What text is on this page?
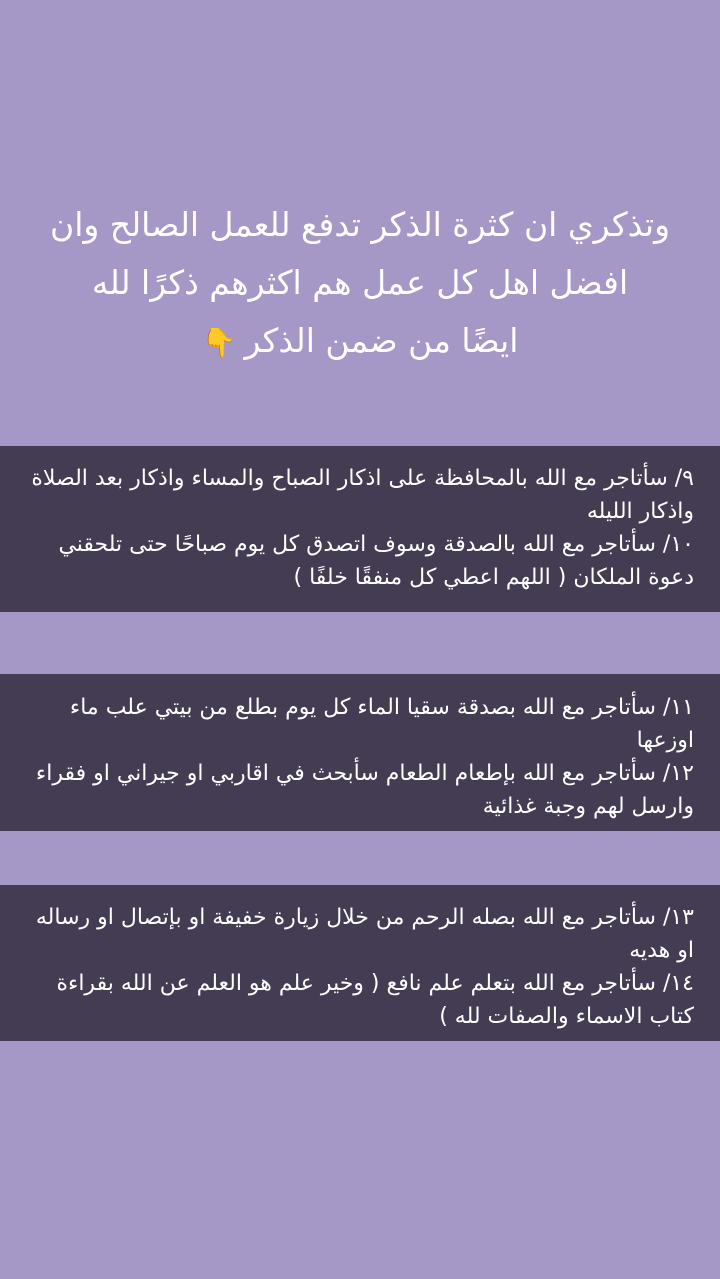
وتذكري ان كثرة الذكر تدفع للعمل الصالح وان
افضل اهل كل عمل هم اكثرهم ذكرًا لله
ايضًا من ضمن الذكر👇
٩/ سأتاجر مع الله بالمحافظة على اذكار الصباح والمساء واذكار بعد الصلاة واذكار الليله
١٠/ سأتاجر مع الله بالصدقة وسوف اتصدق كل يوم صباحًا حتى تلحقني دعوة الملكان ( اللهم اعطي كل منفقًا خلفًا )
١١/ سأتاجر مع الله بصدقة سقيا الماء كل يوم بطلع من بيتي علب ماء اوزعها
١٢/ سأتاجر مع الله بإطعام الطعام سأبحث في اقاربي او جيراني او فقراء وارسل لهم وجبة غذائية
١٣/ سأتاجر مع الله بصله الرحم من خلال زيارة خفيفة او بإتصال او رساله او هديه
١٤/ سأتاجر مع الله بتعلم علم نافع ( وخير علم هو العلم عن الله بقراءة كتاب الاسماء والصفات لله )
